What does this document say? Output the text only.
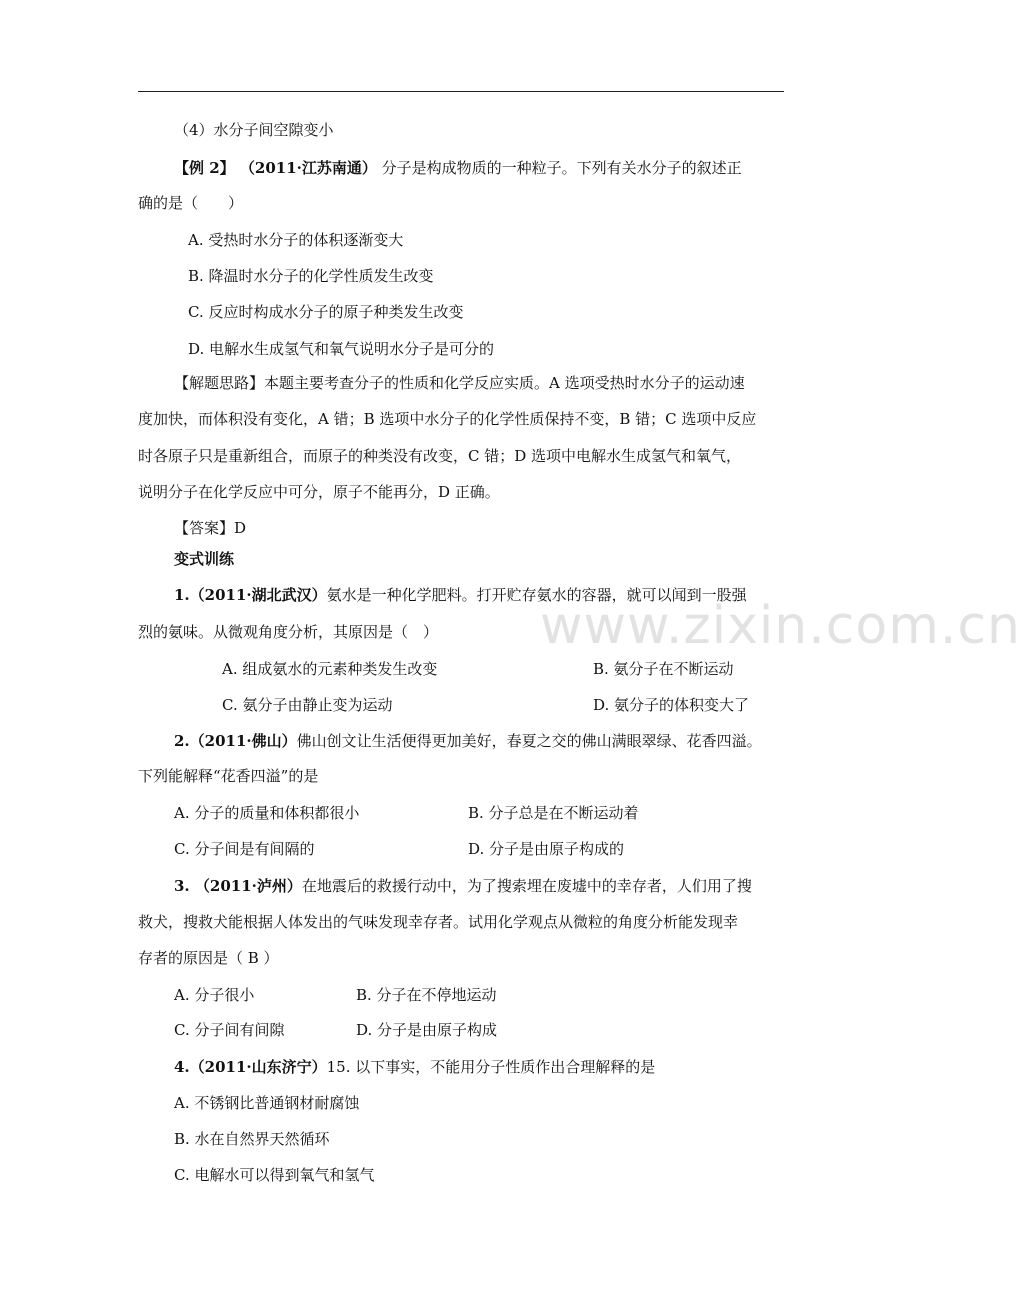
www.zixin.com.cn
（4）水分子间空隙变小
【例 2】 （2011·江苏南通） 分子是构成物质的一种粒子。下列有关水分子的叙述正
确的是（　　）
A. 受热时水分子的体积逐渐变大
B. 降温时水分子的化学性质发生改变
C. 反应时构成水分子的原子种类发生改变
D. 电解水生成氢气和氧气说明水分子是可分的
【解题思路】本题主要考查分子的性质和化学反应实质。A 选项受热时水分子的运动速
度加快，而体积没有变化，A 错；B 选项中水分子的化学性质保持不变，B 错；C 选项中反应
时各原子只是重新组合，而原子的种类没有改变，C 错；D 选项中电解水生成氢气和氧气，
说明分子在化学反应中可分，原子不能再分，D 正确。
【答案】D
变式训练
1.（2011·湖北武汉）氨水是一种化学肥料。打开贮存氨水的容器，就可以闻到一股强
烈的氨味。从微观角度分析，其原因是（　）
A. 组成氨水的元素种类发生改变	B. 氨分子在不断运动
C. 氨分子由静止变为运动	D. 氨分子的体积变大了
2.（2011·佛山）佛山创文让生活便得更加美好，春夏之交的佛山满眼翠绿、花香四溢。
下列能解释“花香四溢”的是
A. 分子的质量和体积都很小	B. 分子总是在不断运动着
C. 分子间是有间隔的	D. 分子是由原子构成的
3. （2011·泸州）在地震后的救援行动中，为了搜索埋在废墟中的幸存者，人们用了搜
救犬，搜救犬能根据人体发出的气味发现幸存者。试用化学观点从微粒的角度分析能发现幸
存者的原因是（ B ）
A. 分子很小	B. 分子在不停地运动
C. 分子间有间隙	D. 分子是由原子构成
4.（2011·山东济宁）15. 以下事实，不能用分子性质作出合理解释的是
A. 不锈钢比普通钢材耐腐蚀
B. 水在自然界天然循环
C. 电解水可以得到氧气和氢气
